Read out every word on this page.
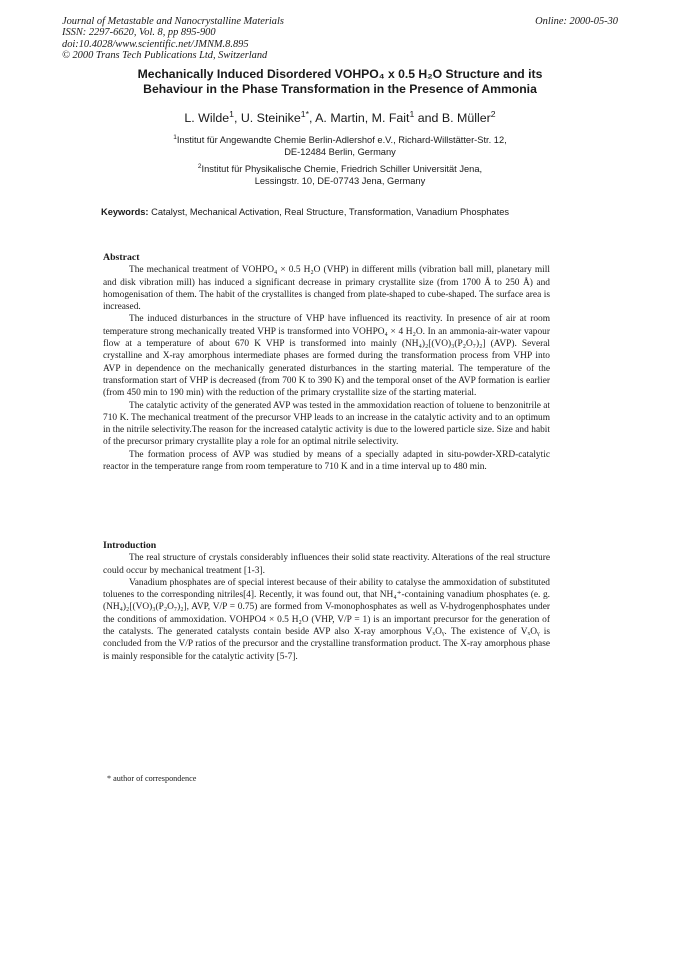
Journal of Metastable and Nanocrystalline Materials
ISSN: 2297-6620, Vol. 8, pp 895-900
doi:10.4028/www.scientific.net/JMNM.8.895
© 2000 Trans Tech Publications Ltd, Switzerland
Online: 2000-05-30
Mechanically Induced Disordered VOHPO₄ x 0.5 H₂O Structure and its
Behaviour in the Phase Transformation in the Presence of Ammonia
L. Wilde$^1$, U. Steinike$^{1*}$, A. Martin, M. Fait$^1$ and B. Müller$^2$
$^1$Institut für Angewandte Chemie Berlin-Adlershof e.V., Richard-Willstätter-Str. 12,
DE-12484 Berlin, Germany
$^2$Institut für Physikalische Chemie, Friedrich Schiller Universität Jena,
Lessingstr. 10, DE-07743 Jena, Germany
Keywords: Catalyst, Mechanical Activation, Real Structure, Transformation, Vanadium Phosphates

Abstract

The mechanical treatment of VOHPO₄ × 0.5 H₂O (VHP) in different mills (vibration ball mill, planetary mill and disk vibration mill) has induced a significant decrease in primary crystallite size (from 1700 Å to 250 Å) and homogenisation of them. The habit of the crystallites is changed from plate-shaped to cube-shaped. The surface area is increased.

The induced disturbances in the structure of VHP have influenced its reactivity. In presence of air at room temperature strong mechanically treated VHP is transformed into VOHPO₄ × 4 H₂O. In an ammonia-air-water vapour flow at a temperature of about 670 K VHP is transformed into mainly (NH₄)₂[(VO)₃(P₂O₇)₂] (AVP). Several crystalline and X-ray amorphous intermediate phases are formed during the transformation process from VHP into AVP in dependence on the mechanically generated disturbances in the starting material. The temperature of the transformation start of VHP is decreased (from 700 K to 390 K) and the temporal onset of the AVP formation is earlier (from 450 min to 190 min) with the reduction of the primary crystallite size of the starting material.

The catalytic activity of the generated AVP was tested in the ammoxidation reaction of toluene to benzonitrile at 710 K. The mechanical treatment of the precursor VHP leads to an increase in the catalytic activity and to an optimum in the nitrile selectivity.The reason for the increased catalytic activity is due to the lowered particle size. Size and habit of the precursor primary crystallite play a role for an optimal nitrile selectivity.

The formation process of AVP was studied by means of a specially adapted in situ-powder-XRD-catalytic reactor in the temperature range from room temperature to 710 K and in a time interval up to 480 min.

Introduction

The real structure of crystals considerably influences their solid state reactivity. Alterations of the real structure could occur by mechanical treatment [1-3].

Vanadium phosphates are of special interest because of their ability to catalyse the ammoxidation of substituted toluenes to the corresponding nitriles[4]. Recently, it was found out, that NH₄⁺-containing vanadium phosphates (e. g. (NH₄)₂[(VO)₃(P₂O₇)₂], AVP, V/P = 0.75) are formed from V-monophosphates as well as V-hydrogenphosphates under the conditions of ammoxidation. VOHPO4 × 0.5 H₂O (VHP, V/P = 1) is an important precursor for the generation of the catalysts. The generated catalysts contain beside AVP also X-ray amorphous VₓOᵧ. The existence of VₓOᵧ is concluded from the V/P ratios of the precursor and the crystalline transformation product. The X-ray amorphous phase is mainly responsible for the catalytic activity [5-7].

* author of correspondence
